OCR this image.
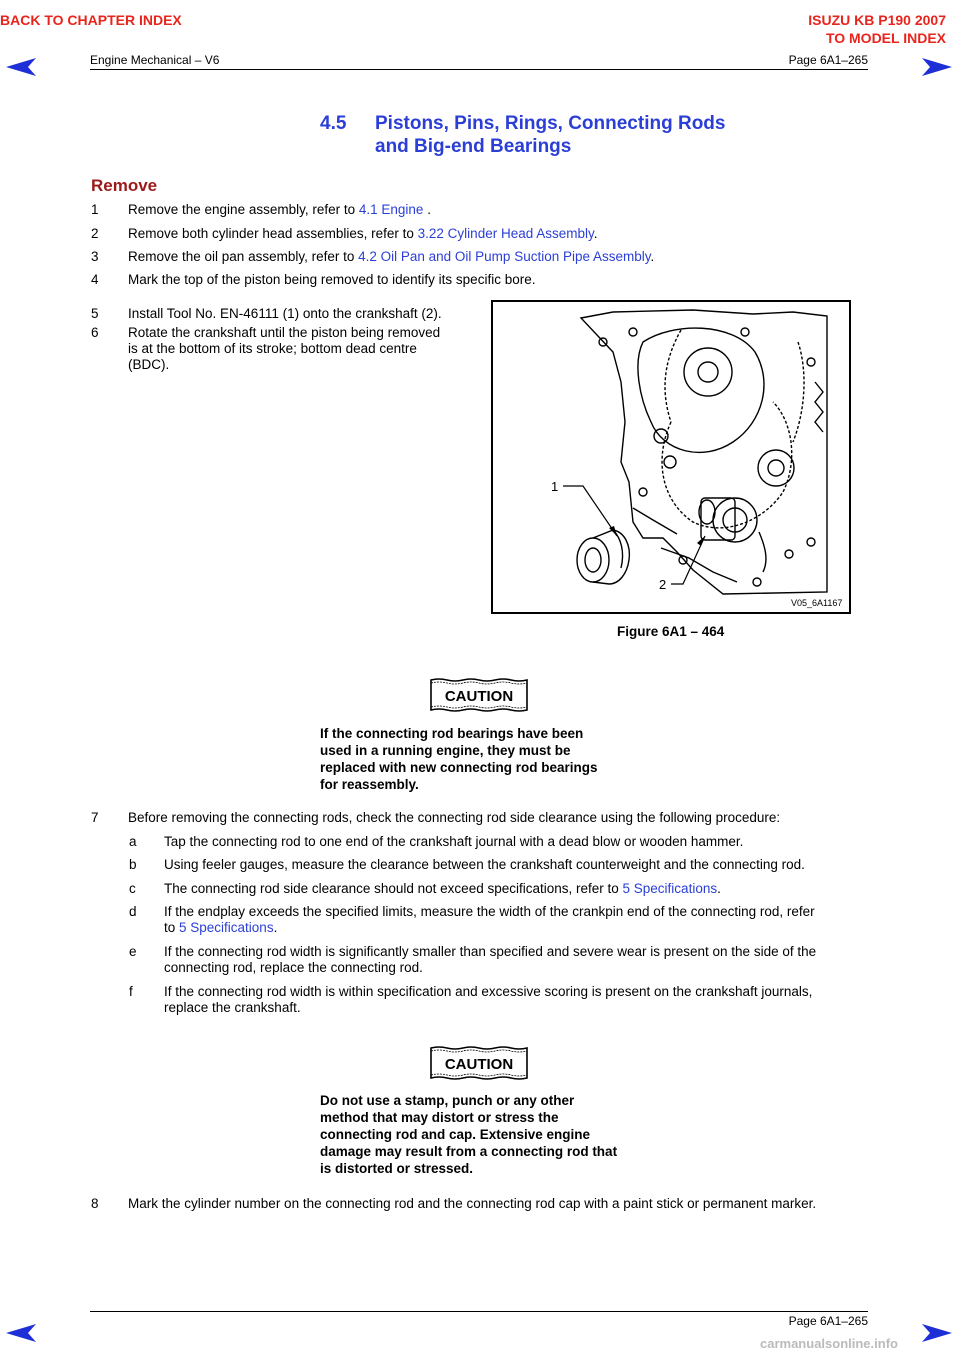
BACK TO CHAPTER INDEX	ISUZU KB P190 2007
TO MODEL INDEX
Engine Mechanical – V6	Page 6A1–265
4.5 Pistons, Pins, Rings, Connecting Rods
and Big-end Bearings
Remove
1 Remove the engine assembly, refer to 4.1 Engine .
2 Remove both cylinder head assemblies, refer to 3.22 Cylinder Head Assembly.
3 Remove the oil pan assembly, refer to 4.2 Oil Pan and Oil Pump Suction Pipe Assembly.
4 Mark the top of the piston being removed to identify its specific bore.
5 Install Tool No. EN-46111 (1) onto the crankshaft (2).
6 Rotate the crankshaft until the piston being removed
is at the bottom of its stroke; bottom dead centre
(BDC).
1
2
V05_6A1167
Figure 6A1 – 464
CAUTION
If the connecting rod bearings have been
used in a running engine, they must be
replaced with new connecting rod bearings
for reassembly.
7 Before removing the connecting rods, check the connecting rod side clearance using the following procedure:
a Tap the connecting rod to one end of the crankshaft journal with a dead blow or wooden hammer.
b Using feeler gauges, measure the clearance between the crankshaft counterweight and the connecting rod.
c The connecting rod side clearance should not exceed specifications, refer to 5 Specifications.
d If the endplay exceeds the specified limits, measure the width of the crankpin end of the connecting rod, refer
to 5 Specifications.
e If the connecting rod width is significantly smaller than specified and severe wear is present on the side of the
connecting rod, replace the connecting rod.
f If the connecting rod width is within specification and excessive scoring is present on the crankshaft journals,
replace the crankshaft.
CAUTION
Do not use a stamp, punch or any other
method that may distort or stress the
connecting rod and cap. Extensive engine
damage may result from a connecting rod that
is distorted or stressed.
8 Mark the cylinder number on the connecting rod and the connecting rod cap with a paint stick or permanent marker.
Page 6A1–265
carmanualsonline.info
